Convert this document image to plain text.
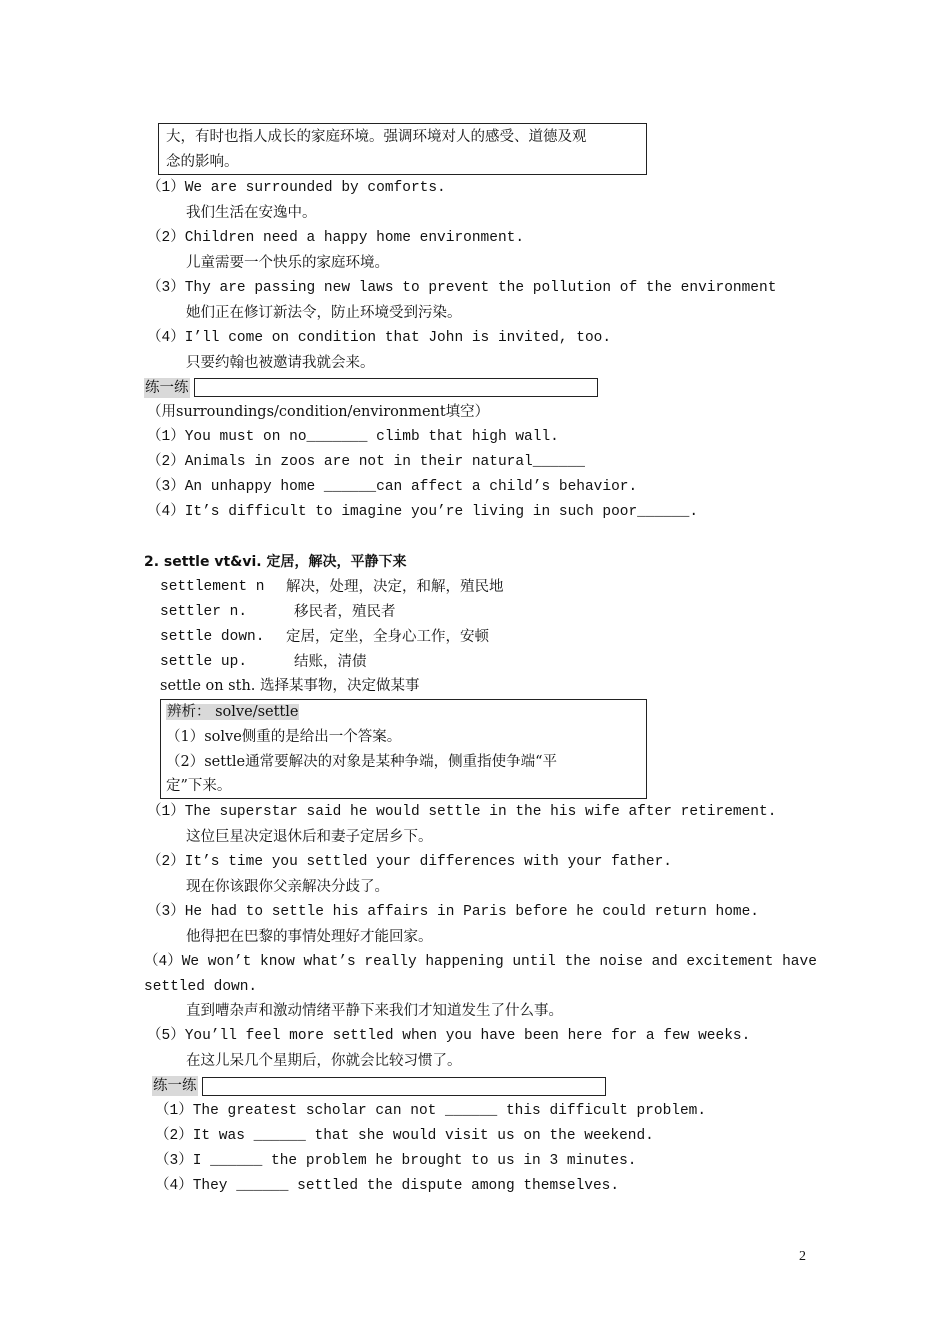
大，有时也指人成长的家庭环境。强调环境对人的感受、道德及观
念的影响。
（1）We are surrounded by comforts.
我们生活在安逸中。
（2）Children need a happy home environment.
儿童需要一个快乐的家庭环境。
（3）Thy are passing new laws to prevent the pollution of the environment
她们正在修订新法令，防止环境受到污染。
（4）I’ll come on condition that John is invited, too.
只要约翰也被邀请我就会来。
练一练
（用surroundings/condition/environment填空）
（1）You must on no_______ climb that high wall.
（2）Animals in zoos are not in their natural______
（3）An unhappy home ______can affect a child’s behavior.
（4）It’s difficult to imagine you’re living in such poor______.
2. settle vt&vi. 定居，解决，平静下来
settlement n 解决，处理，决定，和解，殖民地
settler n.	移民者，殖民者
settle down. 定居，定坐，全身心工作，安顿
settle up.	结账，清债
settle on sth. 选择某事物，决定做某事
辨析： solve/settle
（1）solve侧重的是给出一个答案。
（2）settle通常要解决的对象是某种争端，侧重指使争端“平
定”下来。
（1）The superstar said he would settle in the his wife after retirement.
这位巨星决定退休后和妻子定居乡下。
（2）It’s time you settled your differences with your father.
现在你该跟你父亲解决分歧了。
（3）He had to settle his affairs in Paris before he could return home.
他得把在巴黎的事情处理好才能回家。
（4）We won’t know what’s really happening until the noise and excitement have
settled down.
直到嘈杂声和激动情绪平静下来我们才知道发生了什么事。
（5）You’ll feel more settled when you have been here for a few weeks.
在这儿呆几个星期后，你就会比较习惯了。
练一练
（1）The greatest scholar can not ______ this difficult problem.
（2）It was ______ that she would visit us on the weekend.
（3）I ______ the problem he brought to us in 3 minutes.
（4）They ______ settled the dispute among themselves.
2
